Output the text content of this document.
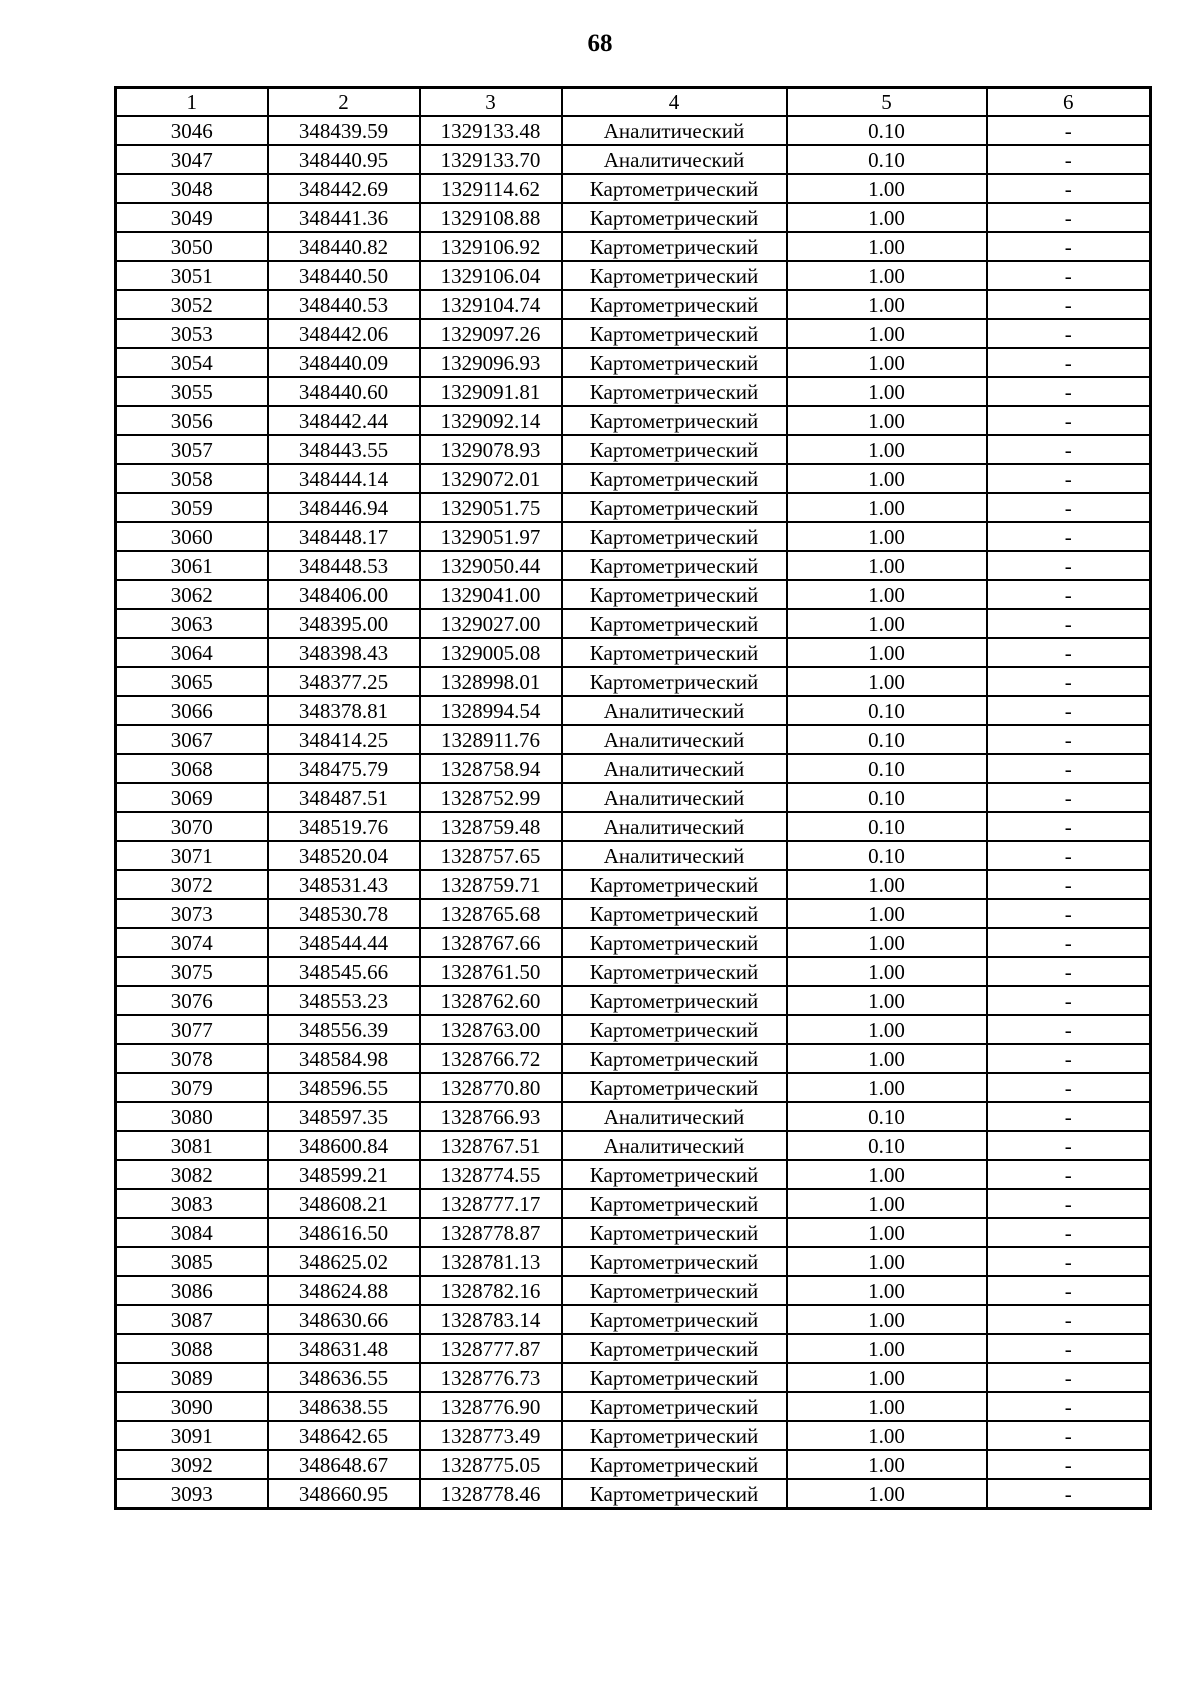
68
1	2	3	4	5	6
3046	348439.59	1329133.48	Аналитический	0.10	-
3047	348440.95	1329133.70	Аналитический	0.10	-
3048	348442.69	1329114.62	Картометрический	1.00	-
3049	348441.36	1329108.88	Картометрический	1.00	-
3050	348440.82	1329106.92	Картометрический	1.00	-
3051	348440.50	1329106.04	Картометрический	1.00	-
3052	348440.53	1329104.74	Картометрический	1.00	-
3053	348442.06	1329097.26	Картометрический	1.00	-
3054	348440.09	1329096.93	Картометрический	1.00	-
3055	348440.60	1329091.81	Картометрический	1.00	-
3056	348442.44	1329092.14	Картометрический	1.00	-
3057	348443.55	1329078.93	Картометрический	1.00	-
3058	348444.14	1329072.01	Картометрический	1.00	-
3059	348446.94	1329051.75	Картометрический	1.00	-
3060	348448.17	1329051.97	Картометрический	1.00	-
3061	348448.53	1329050.44	Картометрический	1.00	-
3062	348406.00	1329041.00	Картометрический	1.00	-
3063	348395.00	1329027.00	Картометрический	1.00	-
3064	348398.43	1329005.08	Картометрический	1.00	-
3065	348377.25	1328998.01	Картометрический	1.00	-
3066	348378.81	1328994.54	Аналитический	0.10	-
3067	348414.25	1328911.76	Аналитический	0.10	-
3068	348475.79	1328758.94	Аналитический	0.10	-
3069	348487.51	1328752.99	Аналитический	0.10	-
3070	348519.76	1328759.48	Аналитический	0.10	-
3071	348520.04	1328757.65	Аналитический	0.10	-
3072	348531.43	1328759.71	Картометрический	1.00	-
3073	348530.78	1328765.68	Картометрический	1.00	-
3074	348544.44	1328767.66	Картометрический	1.00	-
3075	348545.66	1328761.50	Картометрический	1.00	-
3076	348553.23	1328762.60	Картометрический	1.00	-
3077	348556.39	1328763.00	Картометрический	1.00	-
3078	348584.98	1328766.72	Картометрический	1.00	-
3079	348596.55	1328770.80	Картометрический	1.00	-
3080	348597.35	1328766.93	Аналитический	0.10	-
3081	348600.84	1328767.51	Аналитический	0.10	-
3082	348599.21	1328774.55	Картометрический	1.00	-
3083	348608.21	1328777.17	Картометрический	1.00	-
3084	348616.50	1328778.87	Картометрический	1.00	-
3085	348625.02	1328781.13	Картометрический	1.00	-
3086	348624.88	1328782.16	Картометрический	1.00	-
3087	348630.66	1328783.14	Картометрический	1.00	-
3088	348631.48	1328777.87	Картометрический	1.00	-
3089	348636.55	1328776.73	Картометрический	1.00	-
3090	348638.55	1328776.90	Картометрический	1.00	-
3091	348642.65	1328773.49	Картометрический	1.00	-
3092	348648.67	1328775.05	Картометрический	1.00	-
3093	348660.95	1328778.46	Картометрический	1.00	-
